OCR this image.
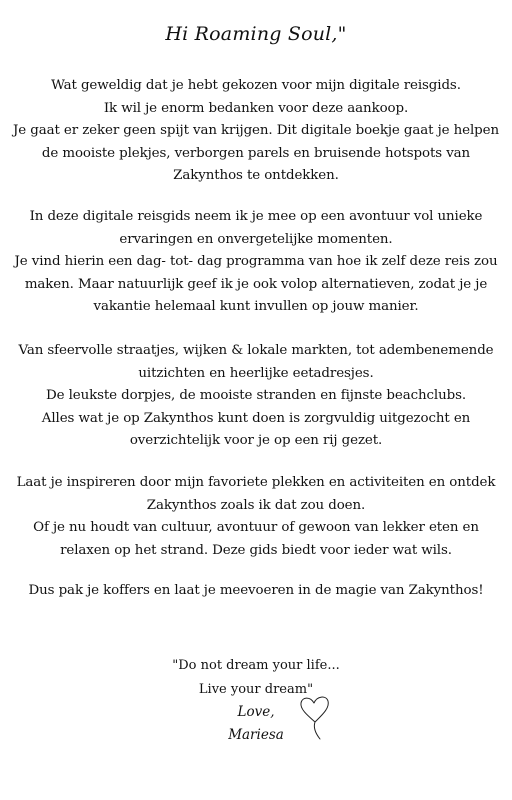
Hi Roaming Soul,"
Wat geweldig dat je hebt gekozen voor mijn digitale reisgids.
Ik wil je enorm bedanken voor deze aankoop.
Je gaat er zeker geen spijt van krijgen. Dit digitale boekje gaat je helpen
de mooiste plekjes, verborgen parels en bruisende hotspots van
Zakynthos te ontdekken.
In deze digitale reisgids neem ik je mee op een avontuur vol unieke
ervaringen en onvergetelijke momenten.
Je vind hierin een dag- tot- dag programma van hoe ik zelf deze reis zou
maken. Maar natuurlijk geef ik je ook volop alternatieven, zodat je je
vakantie helemaal kunt invullen op jouw manier.
Van sfeervolle straatjes, wijken & lokale markten, tot adembenemende
uitzichten en heerlijke eetadresjes.
De leukste dorpjes, de mooiste stranden en fijnste beachclubs.
Alles wat je op Zakynthos kunt doen is zorgvuldig uitgezocht en
overzichtelijk voor je op een rij gezet.
Laat je inspireren door mijn favoriete plekken en activiteiten en ontdek
Zakynthos zoals ik dat zou doen.
Of je nu houdt van cultuur, avontuur of gewoon van lekker eten en
relaxen op het strand. Deze gids biedt voor ieder wat wils.
Dus pak je koffers en laat je meevoeren in de magie van Zakynthos!
"Do not dream your life...
Live your dream"
Love,
Mariesa
